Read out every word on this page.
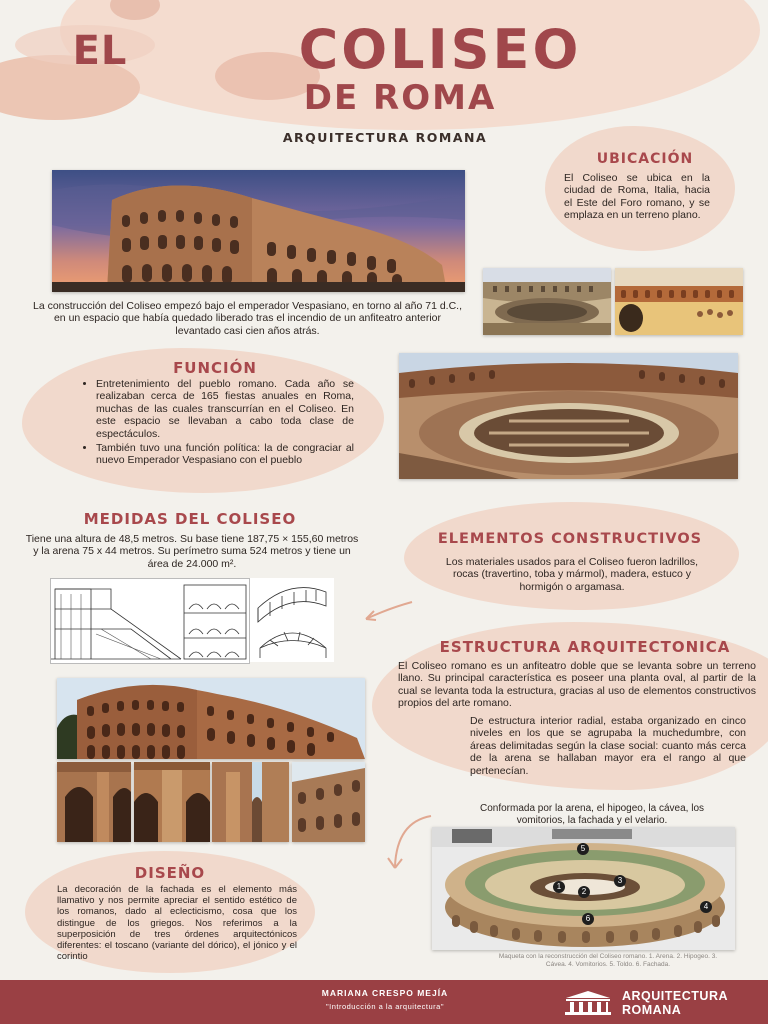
EL	COLISEO
DE ROMA
ARQUITECTURA ROMANA
UBICACIÓN
El Coliseo se ubica en la ciudad de Roma, Italia, hacia el Este del Foro romano, y se emplaza en un terreno plano.
La construcción del Coliseo empezó bajo el emperador Vespasiano, en torno al año 71 d.C., en un espacio que había quedado liberado tras el incendio de un anfiteatro anterior levantado casi cien años atrás.
FUNCIÓN
• Entretenimiento del pueblo romano. Cada año se realizaban cerca de 165 fiestas anuales en Roma, muchas de las cuales transcurrían en el Coliseo. En este espacio se llevaban a cabo toda clase de espectáculos.
• También tuvo una función política: la de congraciar al nuevo Emperador Vespasiano con el pueblo
MEDIDAS DEL COLISEO
Tiene una altura de 48,5 metros. Su base tiene 187,75 × 155,60 metros y la arena 75 x 44 metros. Su perímetro suma 524 metros y tiene un área de 24.000 m².
ELEMENTOS CONSTRUCTIVOS
Los materiales usados para el Coliseo fueron ladrillos, rocas (travertino, toba y mármol), madera, estuco y hormigón o argamasa.
ESTRUCTURA ARQUITECTONICA
El Coliseo romano es un anfiteatro doble que se levanta sobre un terreno llano. Su principal característica es poseer una planta oval, al partir de la cual se levanta toda la estructura, gracias al uso de elementos constructivos propios del arte romano.
De estructura interior radial, estaba organizado en cinco niveles en los que se agrupaba la muchedumbre, con áreas delimitadas según la clase social: cuanto más cerca de la arena se hallaban mayor era el rango al que pertenecían.
Conformada por la arena, el hipogeo, la cávea, los vomitorios, la fachada y el velario.
1
2
3
4
5
6
Maqueta con la reconstrucción del Coliseo romano. 1. Arena. 2. Hipogeo. 3. Cávea. 4. Vomitorios. 5. Toldo. 6. Fachada.
DISEÑO
La decoración de la fachada es el elemento más llamativo y nos permite apreciar el sentido estético de los romanos, dado al eclecticismo, cosa que los distingue de los griegos. Nos referimos a la superposición de tres órdenes arquitectónicos diferentes: el toscano (variante del dórico), el jónico y el corintio
MARIANA CRESPO MEJÍA
"Introducción a la arquitectura"
ARQUITECTURA
ROMANA
